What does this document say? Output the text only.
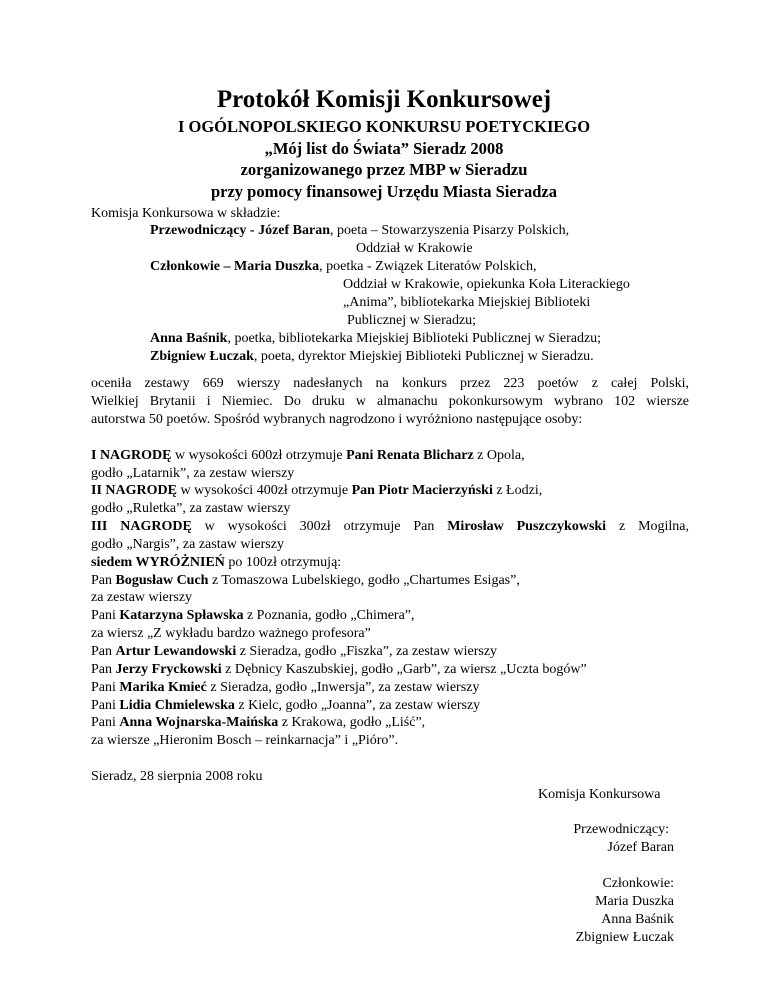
Protokół Komisji Konkursowej
I OGÓLNOPOLSKIEGO KONKURSU POETYCKIEGO
„Mój list do Świata” Sieradz 2008
zorganizowanego przez MBP w Sieradzu
przy pomocy finansowej Urzędu Miasta Sieradza
Komisja Konkursowa w składzie:
Przewodniczący - Józef Baran, poeta – Stowarzyszenia Pisarzy Polskich,
Oddział w Krakowie
Członkowie – Maria Duszka, poetka - Związek Literatów Polskich,
Oddział w Krakowie, opiekunka Koła Literackiego
„Anima”, bibliotekarka Miejskiej Biblioteki
Publicznej w Sieradzu;
Anna Baśnik, poetka, bibliotekarka Miejskiej Biblioteki Publicznej w Sieradzu;
Zbigniew Łuczak, poeta, dyrektor Miejskiej Biblioteki Publicznej w Sieradzu.
oceniła zestawy 669 wierszy nadesłanych na konkurs przez 223 poetów z całej Polski,
Wielkiej Brytanii i Niemiec. Do druku w almanachu pokonkursowym wybrano 102 wiersze
autorstwa 50 poetów. Spośród wybranych nagrodzono i wyróżniono następujące osoby:
I NAGRODĘ w wysokości 600zł otrzymuje Pani Renata Blicharz z Opola,
godło „Latarnik”, za zestaw wierszy
II NAGRODĘ w wysokości 400zł otrzymuje Pan Piotr Macierzyński z Łodzi,
godło „Ruletka”, za zastaw wierszy
III NAGRODĘ w wysokości 300zł otrzymuje Pan Mirosław Puszczykowski z Mogilna,
godło „Nargis”, za zastaw wierszy
siedem WYRÓŻNIEŃ po 100zł otrzymują:
Pan Bogusław Cuch z Tomaszowa Lubelskiego, godło „Chartumes Esigas”,
za zestaw wierszy
Pani Katarzyna Spławska z Poznania, godło „Chimera”,
za wiersz „Z wykładu bardzo ważnego profesora”
Pan Artur Lewandowski z Sieradza, godło „Fiszka”, za zestaw wierszy
Pan Jerzy Fryckowski z Dębnicy Kaszubskiej, godło „Garb”, za wiersz „Uczta bogów”
Pani Marika Kmieć z Sieradza, godło „Inwersja”, za zestaw wierszy
Pani Lidia Chmielewska z Kielc, godło „Joanna”, za zestaw wierszy
Pani Anna Wojnarska-Maińska z Krakowa, godło „Liść”,
za wiersze „Hieronim Bosch – reinkarnacja” i „Pióro”.
Sieradz, 28 sierpnia 2008 roku
Komisja Konkursowa
Przewodniczący:
Józef Baran
Członkowie:
Maria Duszka
Anna Baśnik
Zbigniew Łuczak
